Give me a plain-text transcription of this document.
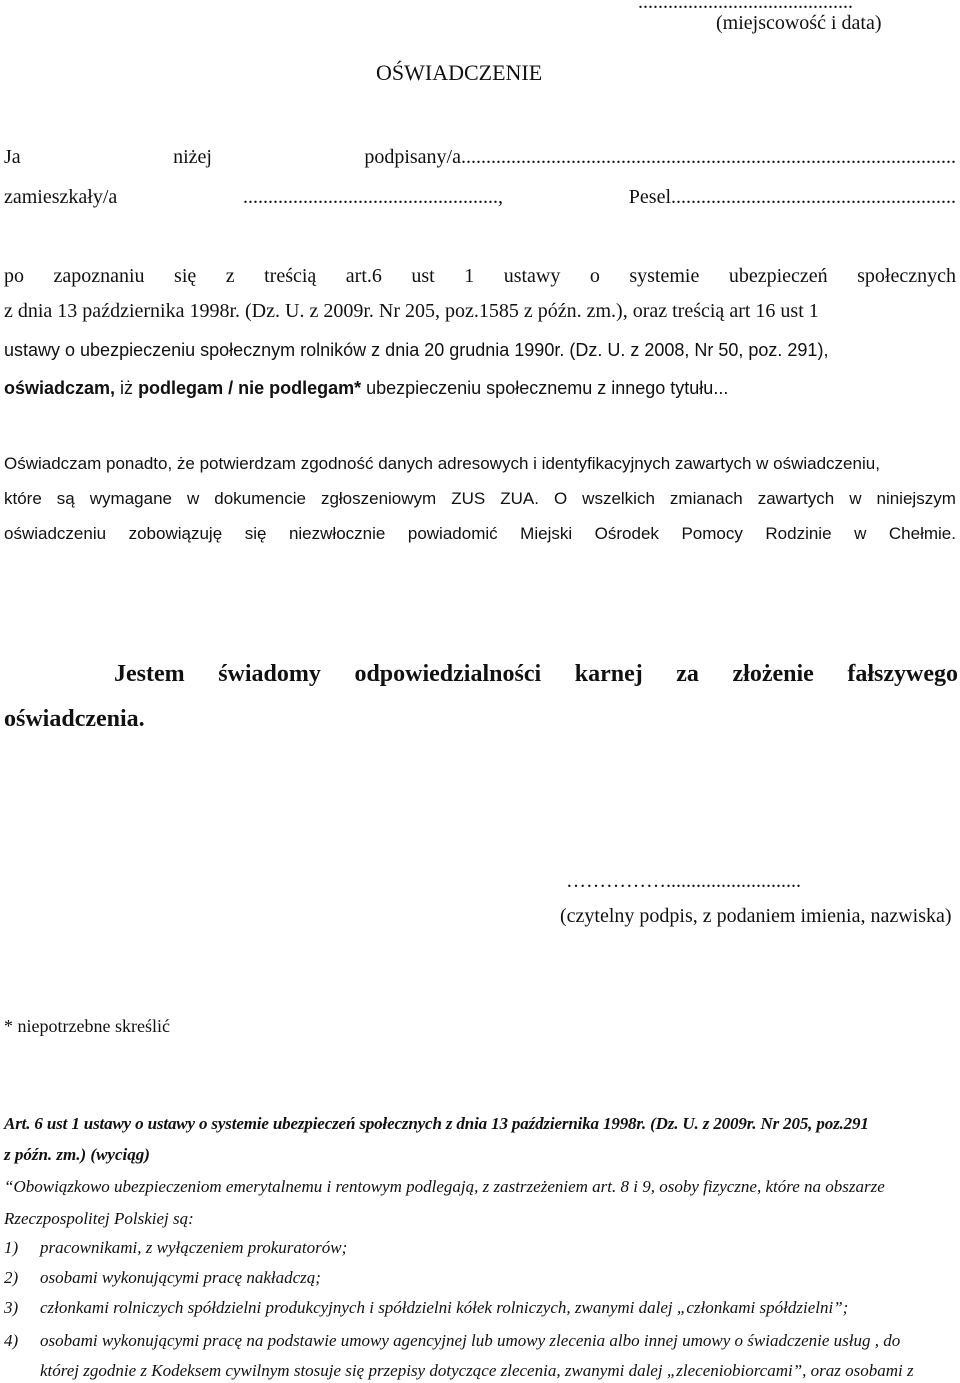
...........................................
(miejscowość i data)
OŚWIADCZENIE
Ja	niżej	podpisany/a...................................................................................................
zamieszkały/a	...................................................,	Pesel.........................................................
po zapoznaniu się z treścią art.6 ust 1 ustawy o systemie ubezpieczeń społecznych
z dnia 13 października 1998r. (Dz. U. z 2009r. Nr 205, poz.1585 z późn. zm.), oraz treścią art 16 ust 1
ustawy o ubezpieczeniu społecznym rolników z dnia 20 grudnia 1990r. (Dz. U. z 2008, Nr 50, poz. 291),
oświadczam, iż podlegam / nie podlegam* ubezpieczeniu społecznemu z innego tytułu...
Oświadczam ponadto, że potwierdzam zgodność danych adresowych i identyfikacyjnych zawartych w oświadczeniu,
które są wymagane w dokumencie zgłoszeniowym ZUS ZUA. O wszelkich zmianach zawartych w niniejszym
oświadczeniu zobowiązuję się niezwłocznie powiadomić Miejski Ośrodek Pomocy Rodzinie w Chełmie.
Jestem świadomy odpowiedzialności karnej za złożenie fałszywego
oświadczenia.
……………...........................
(czytelny podpis, z podaniem imienia, nazwiska)
* niepotrzebne skreślić
Art. 6 ust 1 ustawy o ustawy o systemie ubezpieczeń społecznych z dnia 13 października 1998r. (Dz. U. z 2009r. Nr 205, poz.291
z późn. zm.) (wyciąg)
“Obowiązkowo ubezpieczeniom emerytalnemu i rentowym podlegają, z zastrzeżeniem art. 8 i 9, osoby fizyczne, które na obszarze
Rzeczpospolitej Polskiej są:
1) pracownikami, z wyłączeniem prokuratorów;
2) osobami wykonującymi pracę nakładczą;
3) członkami rolniczych spółdzielni produkcyjnych i spółdzielni kółek rolniczych, zwanymi dalej „członkami spółdzielni”;
4) osobami wykonującymi pracę na podstawie umowy agencyjnej lub umowy zlecenia albo innej umowy o świadczenie usług , do
której zgodnie z Kodeksem cywilnym stosuje się przepisy dotyczące zlecenia, zwanymi dalej „zleceniobiorcami”, oraz osobami z
